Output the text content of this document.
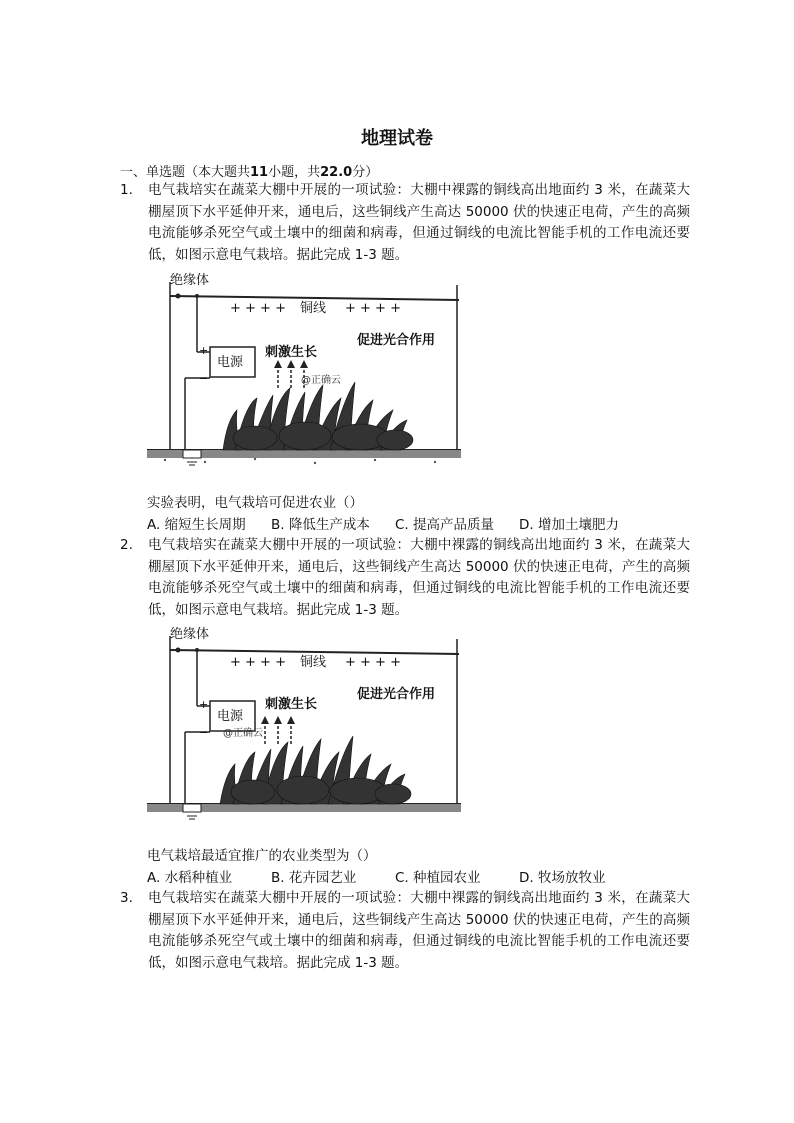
地理试卷
一、单选题（本大题共11小题，共22.0分）
1. 电气栽培实在蔬菜大棚中开展的一项试验：大棚中裸露的铜线高出地面约 3 米，在蔬菜大棚屋顶下水平延伸开来，通电后，这些铜线产生高达 50000 伏的快速正电荷，产生的高频电流能够杀死空气或土壤中的细菌和病毒，但通过铜线的电流比智能手机的工作电流还要低，如图示意电气栽培。据此完成 1-3 题。
绝缘体
+ + + + 铜线 + + + +
刺激生长
促进光合作用
电源
+
−	@正确云
实验表明，电气栽培可促进农业（）
A. 缩短生长周期 B. 降低生产成本 C. 提高产品质量 D. 增加土壤肥力
2. 电气栽培实在蔬菜大棚中开展的一项试验：大棚中裸露的铜线高出地面约 3 米，在蔬菜大棚屋顶下水平延伸开来，通电后，这些铜线产生高达 50000 伏的快速正电荷，产生的高频电流能够杀死空气或土壤中的细菌和病毒，但通过铜线的电流比智能手机的工作电流还要低，如图示意电气栽培。据此完成 1-3 题。
绝缘体
+ + + + 铜线 + + + +
刺激生长
促进光合作用
电源
+
− @正确云
电气栽培最适宜推广的农业类型为（）
A. 水稻种植业	B. 花卉园艺业	C. 种植园农业	D. 牧场放牧业
3. 电气栽培实在蔬菜大棚中开展的一项试验：大棚中裸露的铜线高出地面约 3 米，在蔬菜大棚屋顶下水平延伸开来，通电后，这些铜线产生高达 50000 伏的快速正电荷，产生的高频电流能够杀死空气或土壤中的细菌和病毒，但通过铜线的电流比智能手机的工作电流还要低，如图示意电气栽培。据此完成 1-3 题。
